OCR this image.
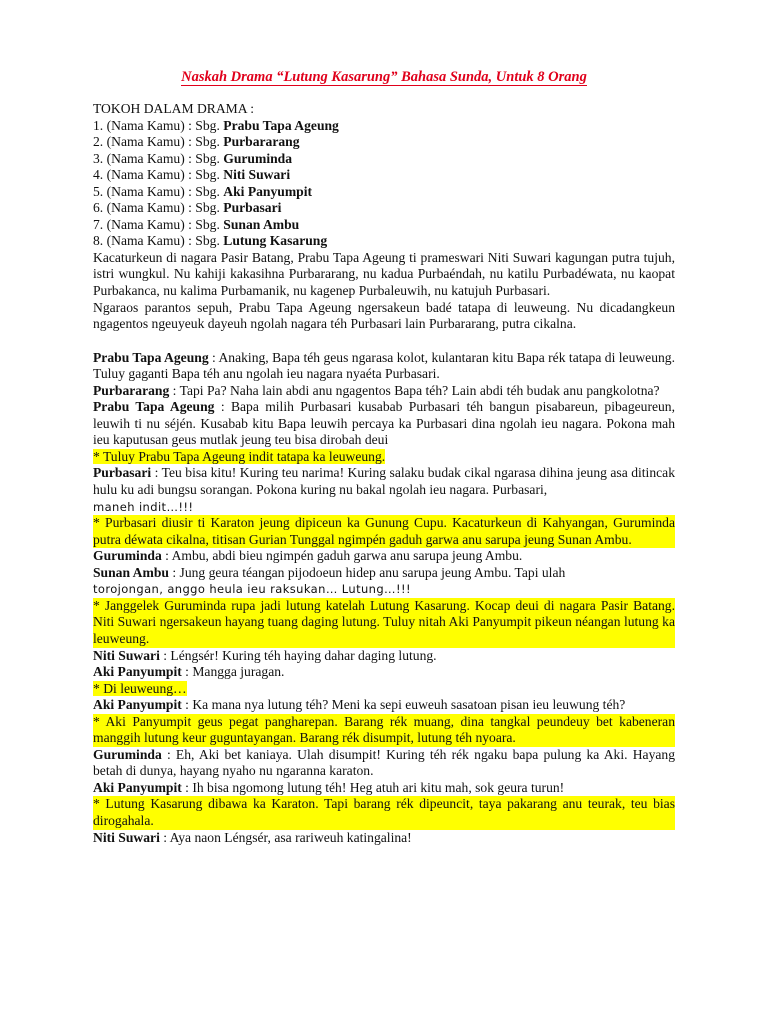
Naskah Drama “Lutung Kasarung” Bahasa Sunda, Untuk 8 Orang

TOKOH DALAM DRAMA :

1. (Nama Kamu) : Sbg. Prabu Tapa Ageung

2. (Nama Kamu) : Sbg. Purbararang

3. (Nama Kamu) : Sbg. Guruminda

4. (Nama Kamu) : Sbg. Niti Suwari

5. (Nama Kamu) : Sbg. Aki Panyumpit

6. (Nama Kamu) : Sbg. Purbasari

7. (Nama Kamu) : Sbg. Sunan Ambu

8. (Nama Kamu) : Sbg. Lutung Kasarung

Kacaturkeun di nagara Pasir Batang, Prabu Tapa Ageung ti prameswari Niti Suwari kagungan putra tujuh, istri wungkul. Nu kahiji kakasihna Purbararang, nu kadua Purbaéndah, nu katilu Purbadéwata, nu kaopat Purbakanca, nu kalima Purbamanik, nu kagenep Purbaleuwih, nu katujuh Purbasari.

Ngaraos parantos sepuh, Prabu Tapa Ageung ngersakeun badé tatapa di leuweung. Nu dicadangkeun ngagentos ngeuyeuk dayeuh ngolah nagara téh Purbasari lain Purbararang, putra cikalna.

Prabu Tapa Ageung : Anaking, Bapa téh geus ngarasa kolot, kulantaran kitu Bapa rék tatapa di leuweung. Tuluy gaganti Bapa téh anu ngolah ieu nagara nyaéta Purbasari.

Purbararang : Tapi Pa? Naha lain abdi anu ngagentos Bapa téh? Lain abdi téh budak anu pangkolotna?

Prabu Tapa Ageung : Bapa milih Purbasari kusabab Purbasari téh bangun pisabareun, pibageureun, leuwih ti nu séjén. Kusabab kitu Bapa leuwih percaya ka Purbasari dina ngolah ieu nagara. Pokona mah ieu kaputusan geus mutlak jeung teu bisa dirobah deui

* Tuluy Prabu Tapa Ageung indit tatapa ka leuweung.

Purbasari : Teu bisa kitu! Kuring teu narima! Kuring salaku budak cikal ngarasa dihina jeung asa ditincak hulu ku adi bungsu sorangan. Pokona kuring nu bakal ngolah ieu nagara. Purbasari,
maneh indit…!!!

* Purbasari diusir ti Karaton jeung dipiceun ka Gunung Cupu. Kacaturkeun di Kahyangan, Guruminda putra déwata cikalna, titisan Gurian Tunggal ngimpén gaduh garwa anu sarupa jeung Sunan Ambu.

Guruminda : Ambu, abdi bieu ngimpén gaduh garwa anu sarupa jeung Ambu.

Sunan Ambu : Jung geura téangan pijodoeun hidep anu sarupa jeung Ambu. Tapi ulah
torojongan, anggo heula ieu raksukan… Lutung…!!!

* Janggelek Guruminda rupa jadi lutung katelah Lutung Kasarung. Kocap deui di nagara Pasir Batang. Niti Suwari ngersakeun hayang tuang daging lutung. Tuluy nitah Aki Panyumpit pikeun néangan lutung ka leuweung.

Niti Suwari : Léngsér! Kuring téh haying dahar daging lutung.

Aki Panyumpit : Mangga juragan.

* Di leuweung…

Aki Panyumpit : Ka mana nya lutung téh? Meni ka sepi euweuh sasatoan pisan ieu leuwung téh?

* Aki Panyumpit geus pegat pangharepan. Barang rék muang, dina tangkal peundeuy bet kabeneran manggih lutung keur guguntayangan. Barang rék disumpit, lutung téh nyoara.

Guruminda : Eh, Aki bet kaniaya. Ulah disumpit! Kuring téh rék ngaku bapa pulung ka Aki. Hayang betah di dunya, hayang nyaho nu ngaranna karaton.

Aki Panyumpit : Ih bisa ngomong lutung téh! Heg atuh ari kitu mah, sok geura turun!

* Lutung Kasarung dibawa ka Karaton. Tapi barang rék dipeuncit, taya pakarang anu teurak, teu bias dirogahala.

Niti Suwari : Aya naon Léngsér, asa rariweuh katingalina!
